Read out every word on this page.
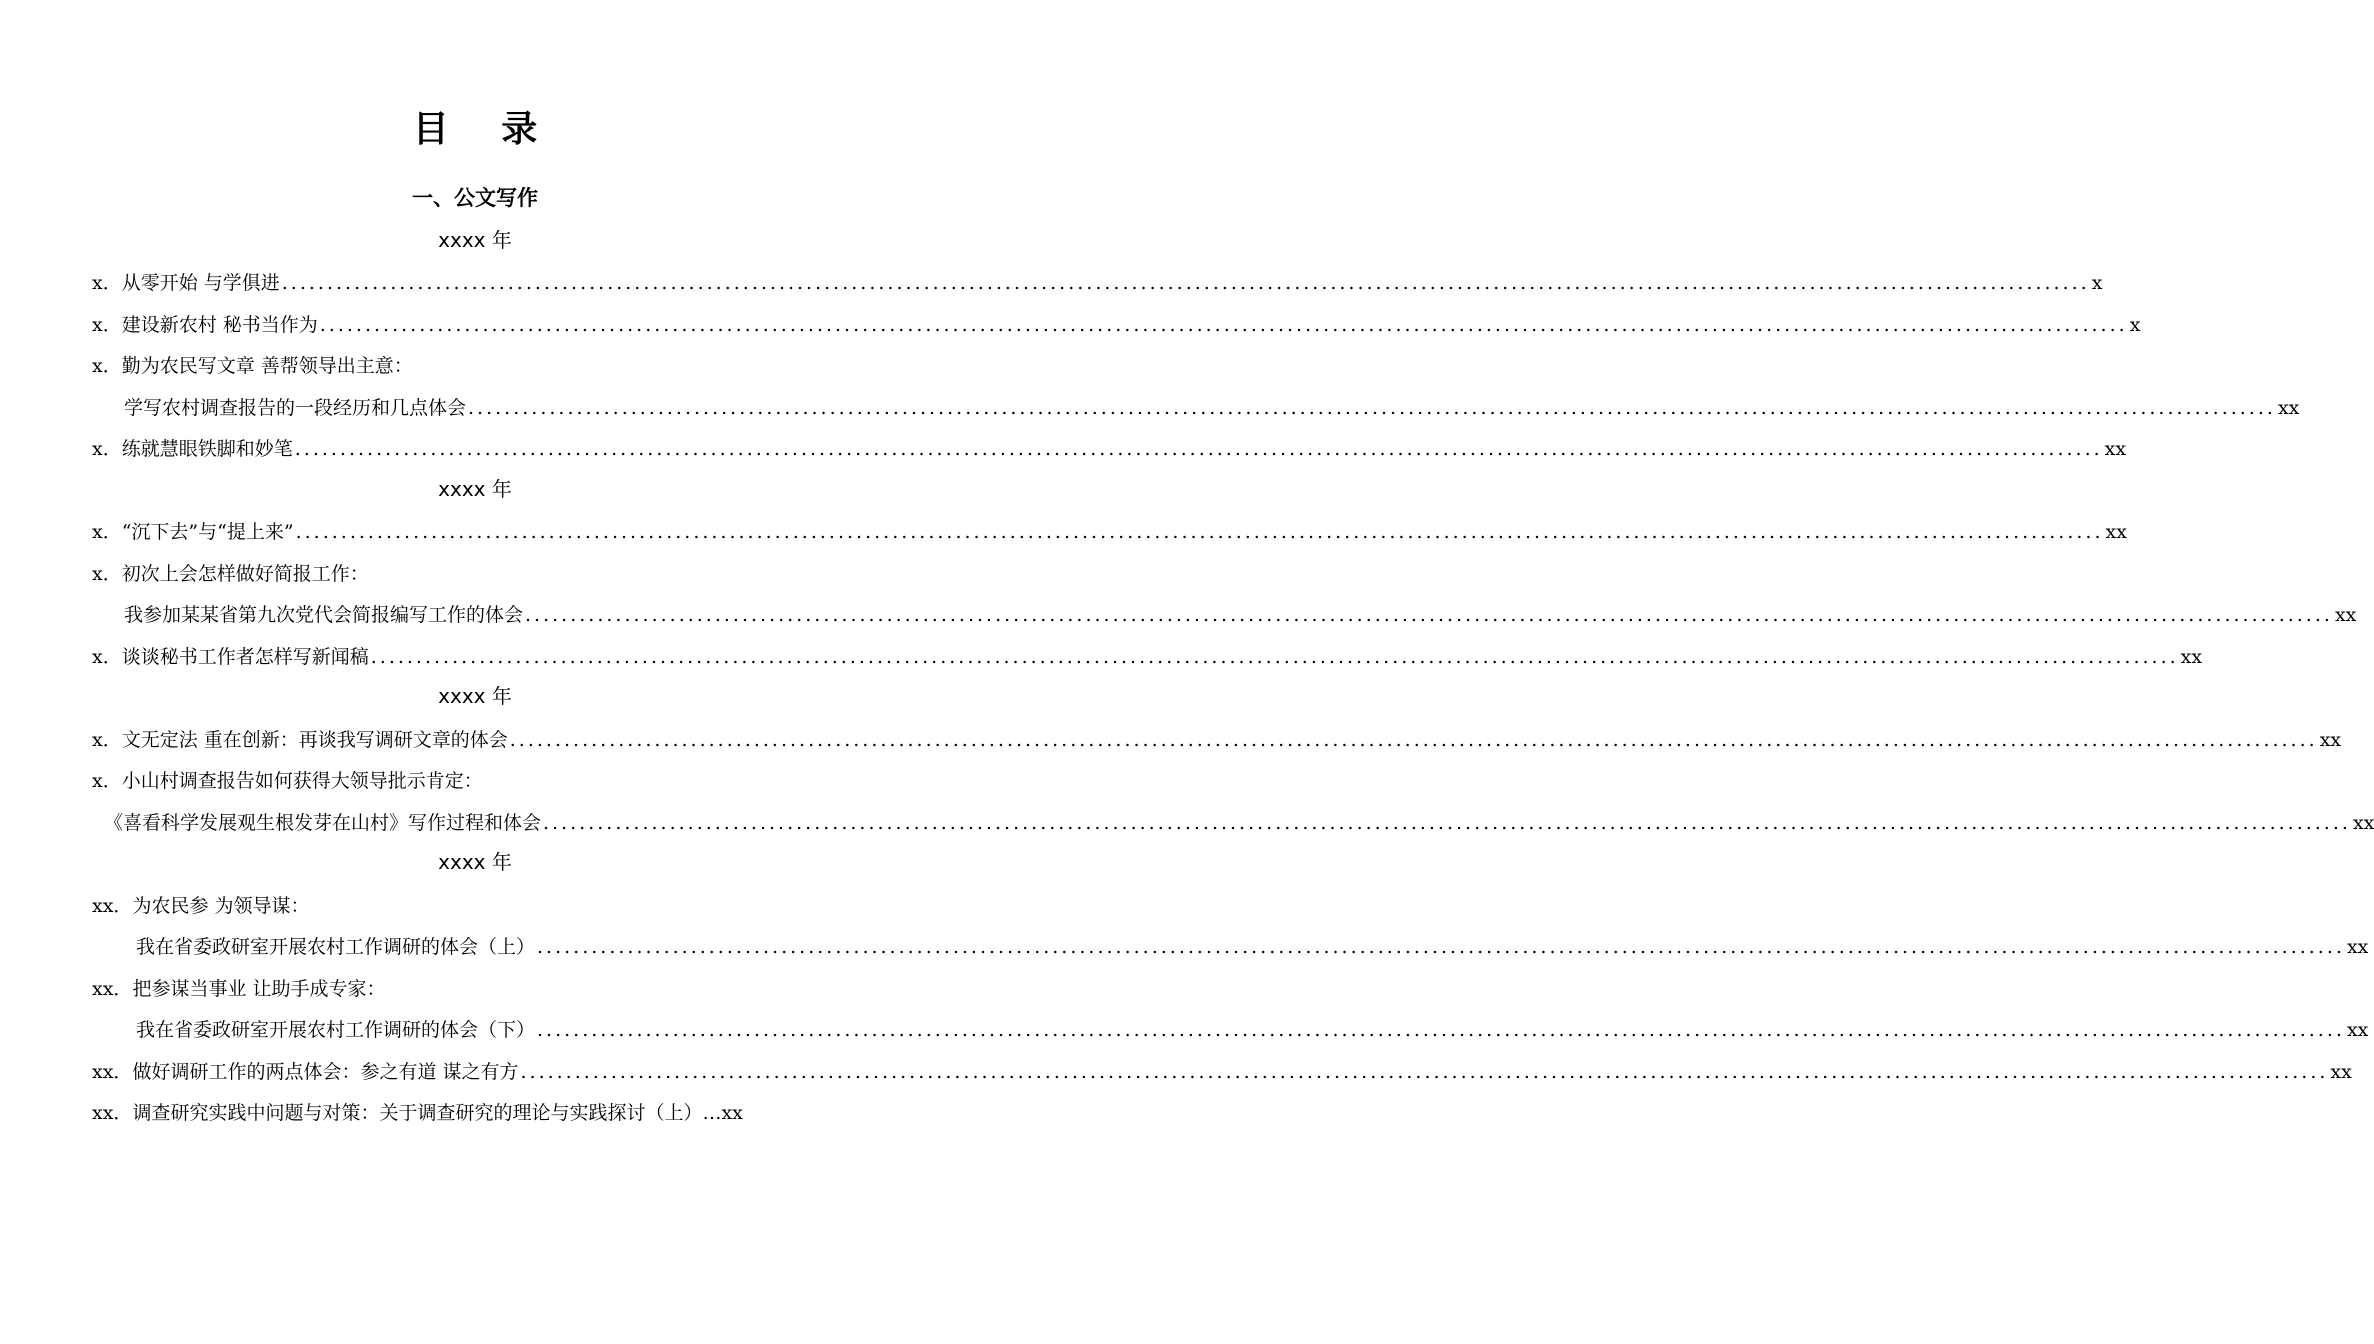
目 录
一、公文写作
xxxx 年
x． 从零开始 与学俱进 ........................................................................................................................................................................................................ x
x． 建设新农村 秘书当作为 ........................................................................................................................................................................................................ x
x． 勤为农民写文章 善帮领导出主意：
学写农村调查报告的一段经历和几点体会 ........................................................................................................................................................................................................ xx
x． 练就慧眼铁脚和妙笔 ........................................................................................................................................................................................................ xx
xxxx 年
x． “沉下去”与“提上来” ........................................................................................................................................................................................................ xx
x． 初次上会怎样做好简报工作：
我参加某某省第九次党代会简报编写工作的体会 ........................................................................................................................................................................................................ xx
x． 谈谈秘书工作者怎样写新闻稿 ........................................................................................................................................................................................................ xx
xxxx 年
x． 文无定法 重在创新：再谈我写调研文章的体会 ........................................................................................................................................................................................................ xx
x． 小山村调查报告如何获得大领导批示肯定：
《喜看科学发展观生根发芽在山村》写作过程和体会 ........................................................................................................................................................................................................ xx
xxxx 年
xx． 为农民参 为领导谋：
我在省委政研室开展农村工作调研的体会（上） ........................................................................................................................................................................................................ xx
xx． 把参谋当事业 让助手成专家：
我在省委政研室开展农村工作调研的体会（下） ........................................................................................................................................................................................................ xx
xx． 做好调研工作的两点体会：参之有道 谋之有方 ........................................................................................................................................................................................................ xx
xx． 调查研究实践中问题与对策：关于调查研究的理论与实践探讨（上）… xx
